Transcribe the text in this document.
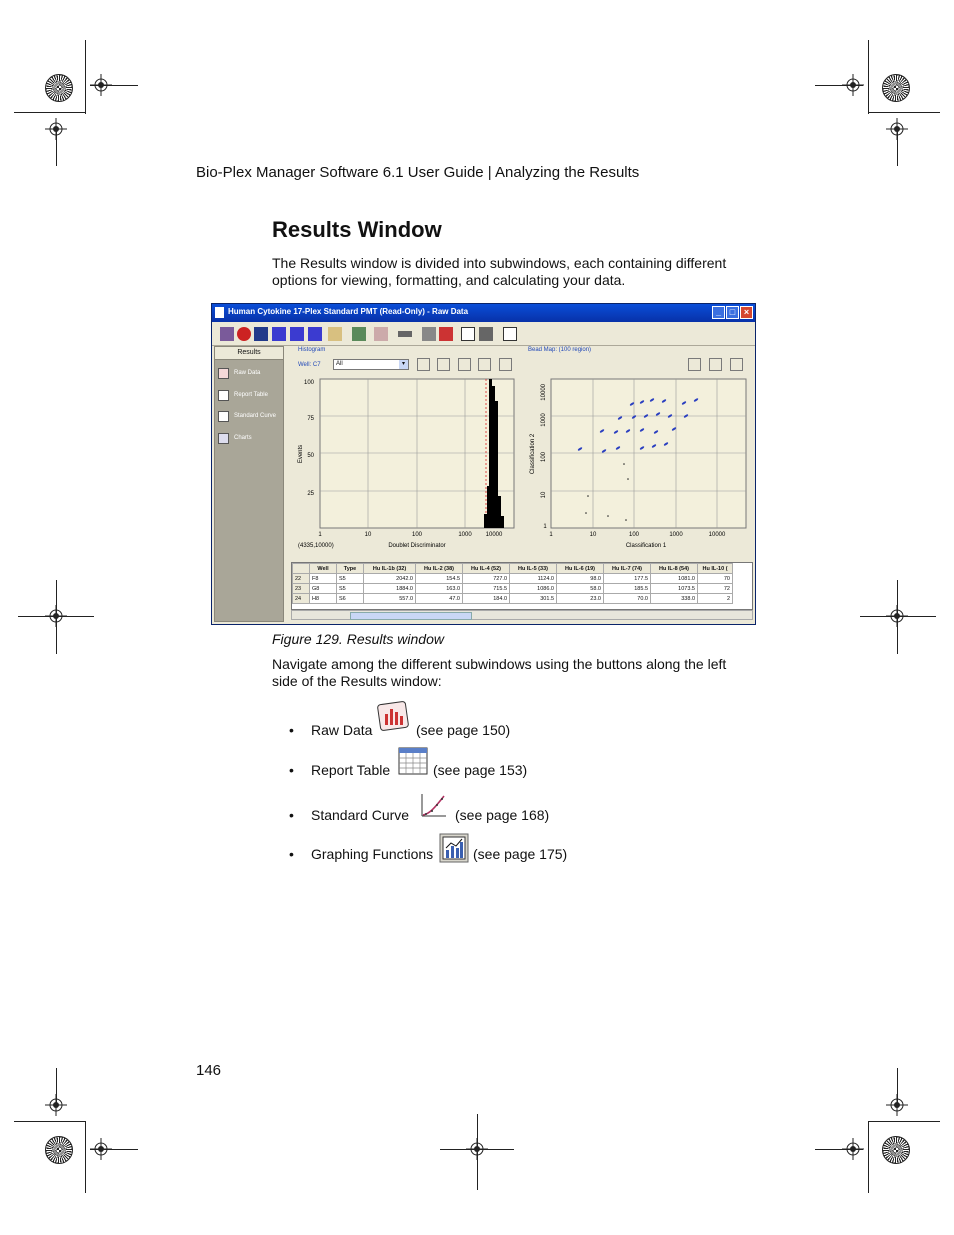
Bio-Plex Manager Software 6.1 User Guide | Analyzing the Results
Results Window
The Results window is divided into subwindows, each containing different options for viewing, formatting, and calculating your data.
Human Cytokine 17-Plex Standard PMT (Read-Only) - Raw Data	_ □ ×
Results
Raw Data
Report Table
Standard Curve
Charts
Histogram
Well: C7	All	▾
100
75
50
25
Events
1	10	100	1000 10000
(4335,10000)	Doublet Discriminator
Bead Map: (100 region)
10000
1000
100
10
1
Classification 2
1	10	100	1000	10000
Classification 1
	Well	Type	Hu IL-1b (32)	Hu IL-2 (38)	Hu IL-4 (52)	Hu IL-5 (33)	Hu IL-6 (19)	Hu IL-7 (74)	Hu IL-8 (54)	Hu IL-10 (
22	F8	S5	2042.0	154.5	727.0	1124.0	98.0	177.5	1081.0	70
23	G8	S5	1884.0	163.0	715.5	1086.0	58.0	185.5	1073.5	72
24	H8	S6	557.0	47.0	184.0	301.5	23.0	70.0	338.0	2
Figure 129. Results window
Navigate among the different subwindows using the buttons along the left side of the Results window:
• Raw Data	(see page 150)
• Report Table	(see page 153)
• Standard Curve	(see page 168)
• Graphing Functions	(see page 175)
146
